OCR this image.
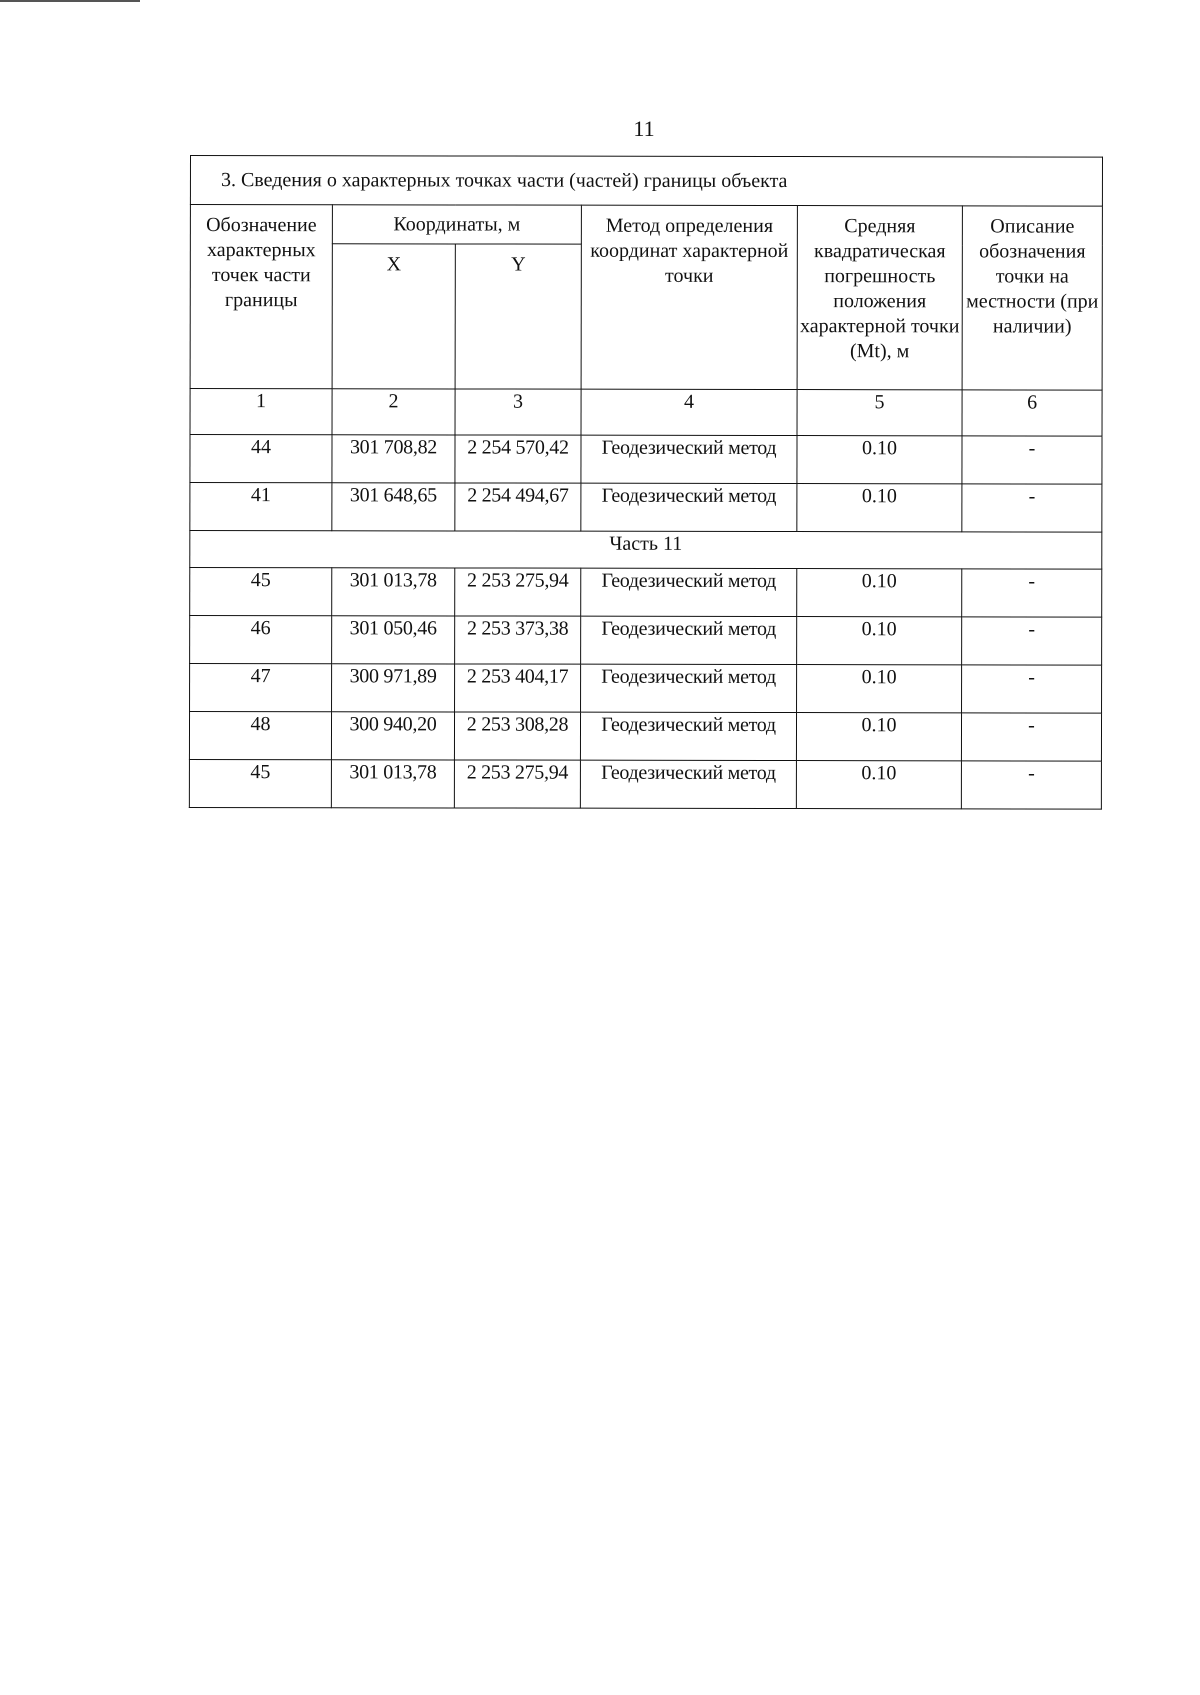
11
3. Сведения о характерных точках части (частей) границы объекта					
Обозначение характерных точек части границы	Координаты, м		Метод определения координат характерной точки	Средняя квадратическая погрешность положения характерной точки (Mt), м	Описание обозначения точки на местности (при наличии)
	X	Y			
1	2	3	4	5	6
44	301 708,82	2 254 570,42	Геодезический метод	0.10	-
41	301 648,65	2 254 494,67	Геодезический метод	0.10	-
Часть 11					
45	301 013,78	2 253 275,94	Геодезический метод	0.10	-
46	301 050,46	2 253 373,38	Геодезический метод	0.10	-
47	300 971,89	2 253 404,17	Геодезический метод	0.10	-
48	300 940,20	2 253 308,28	Геодезический метод	0.10	-
45	301 013,78	2 253 275,94	Геодезический метод	0.10	-
